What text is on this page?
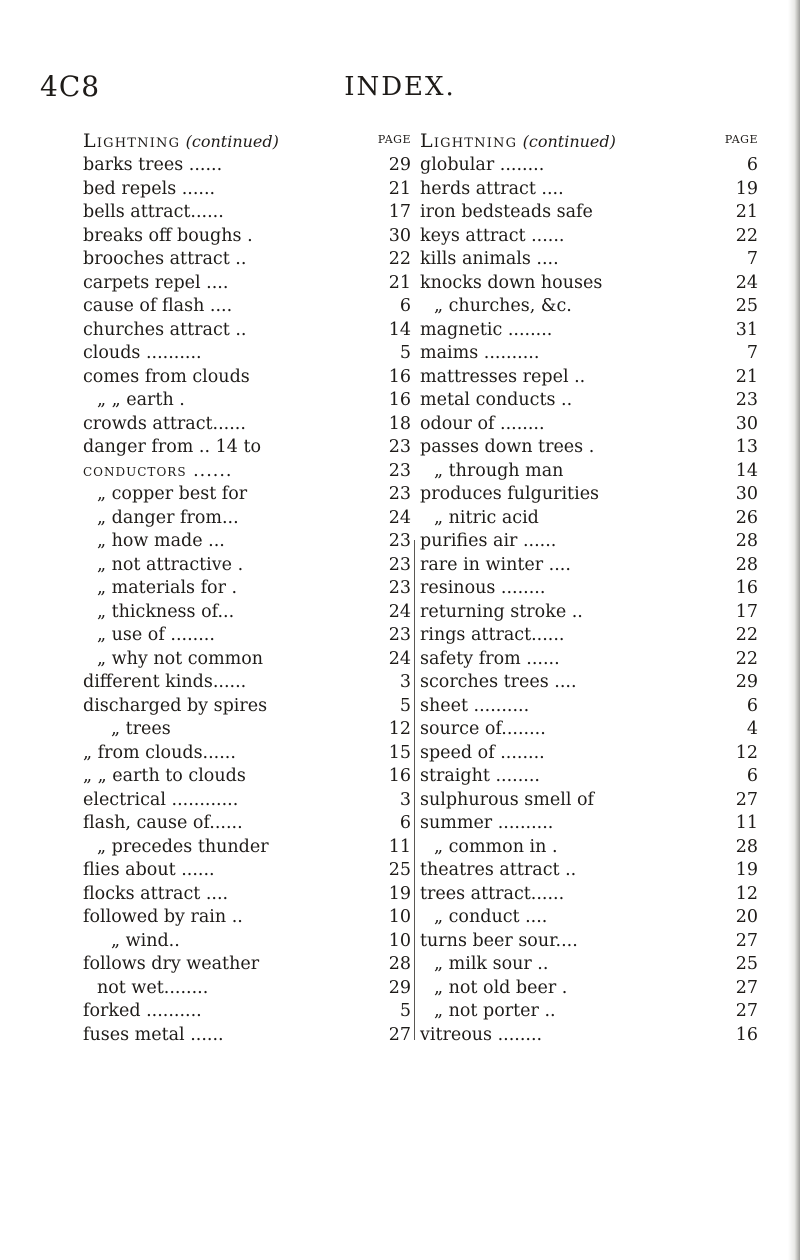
4C8	INDEX.
Lightning (continued)	PAGE
barks trees ......	29
bed repels ......	21
bells attract......	17
breaks off boughs .	30
brooches attract ..	22
carpets repel ....	21
cause of flash ....	6
churches attract ..	14
clouds ..........	5
comes from clouds	16
„ „ earth .	16
crowds attract......	18
danger from .. 14 to	23
conductors ......	23
„ copper best for	23
„ danger from...	24
„ how made ...	23
„ not attractive .	23
„ materials for .	23
„ thickness of...	24
„ use of ........	23
„ why not common	24
different kinds......	3
discharged by spires	5
„ trees	12
„ from clouds......	15
„ „ earth to clouds	16
electrical ............	3
flash, cause of......	6
„ precedes thunder	11
flies about ......	25
flocks attract ....	19
followed by rain ..	10
„ wind..	10
follows dry weather	28
not wet........	29
forked ..........	5
fuses metal ......	27
Lightning (continued)	PAGE
globular ........	6
herds attract ....	19
iron bedsteads safe	21
keys attract ......	22
kills animals ....	7
knocks down houses	24
„ churches, &c.	25
magnetic ........	31
maims ..........	7
mattresses repel ..	21
metal conducts ..	23
odour of ........	30
passes down trees .	13
„ through man	14
produces fulgurities	30
„ nitric acid	26
purifies air ......	28
rare in winter ....	28
resinous ........	16
returning stroke ..	17
rings attract......	22
safety from ......	22
scorches trees ....	29
sheet ..........	6
source of........	4
speed of ........	12
straight ........	6
sulphurous smell of	27
summer ..........	11
„ common in .	28
theatres attract ..	19
trees attract......	12
„ conduct ....	20
turns beer sour....	27
„ milk sour ..	25
„ not old beer .	27
„ not porter ..	27
vitreous ........	16
